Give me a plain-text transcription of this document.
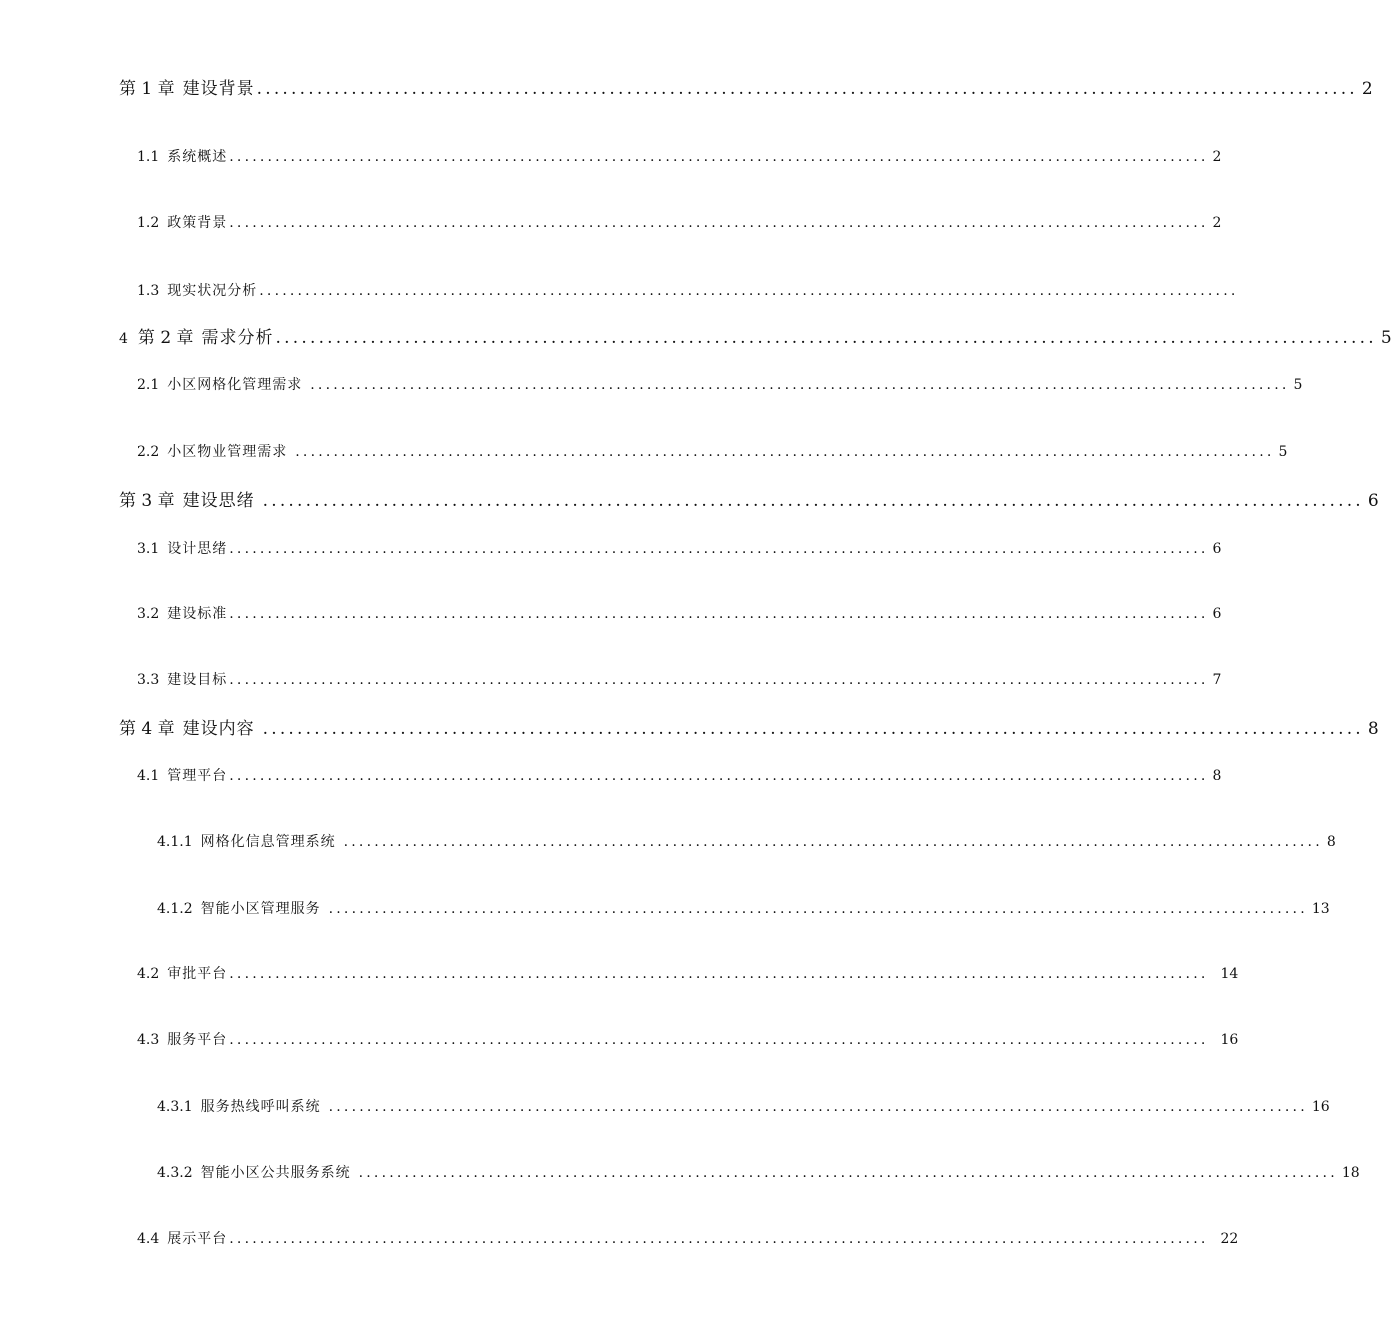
第 1 章 建设背景 ................................................................................................................................ 2
1.1 系统概述 ................................................................................................................................ 2
1.2 政策背景 ................................................................................................................................ 2
1.3 现实状况分析 ................................................................................................................................
4 第 2 章 需求分析 ................................................................................................................................ 5
2.1 小区网格化管理需求 ................................................................................................................................ 5
2.2 小区物业管理需求 ................................................................................................................................ 5
第 3 章 建设思绪 ................................................................................................................................ 6
3.1 设计思绪 ................................................................................................................................ 6
3.2 建设标准 ................................................................................................................................ 6
3.3 建设目标 ................................................................................................................................ 7
第 4 章 建设内容 ................................................................................................................................ 8
4.1 管理平台 ................................................................................................................................ 8
4.1.1 网格化信息管理系统 ................................................................................................................................ 8
4.1.2 智能小区管理服务 ................................................................................................................................ 13
4.2 审批平台 ................................................................................................................................ 14
4.3 服务平台 ................................................................................................................................ 16
4.3.1 服务热线呼叫系统 ................................................................................................................................ 16
4.3.2 智能小区公共服务系统 ................................................................................................................................ 18
4.4 展示平台 ................................................................................................................................ 22
